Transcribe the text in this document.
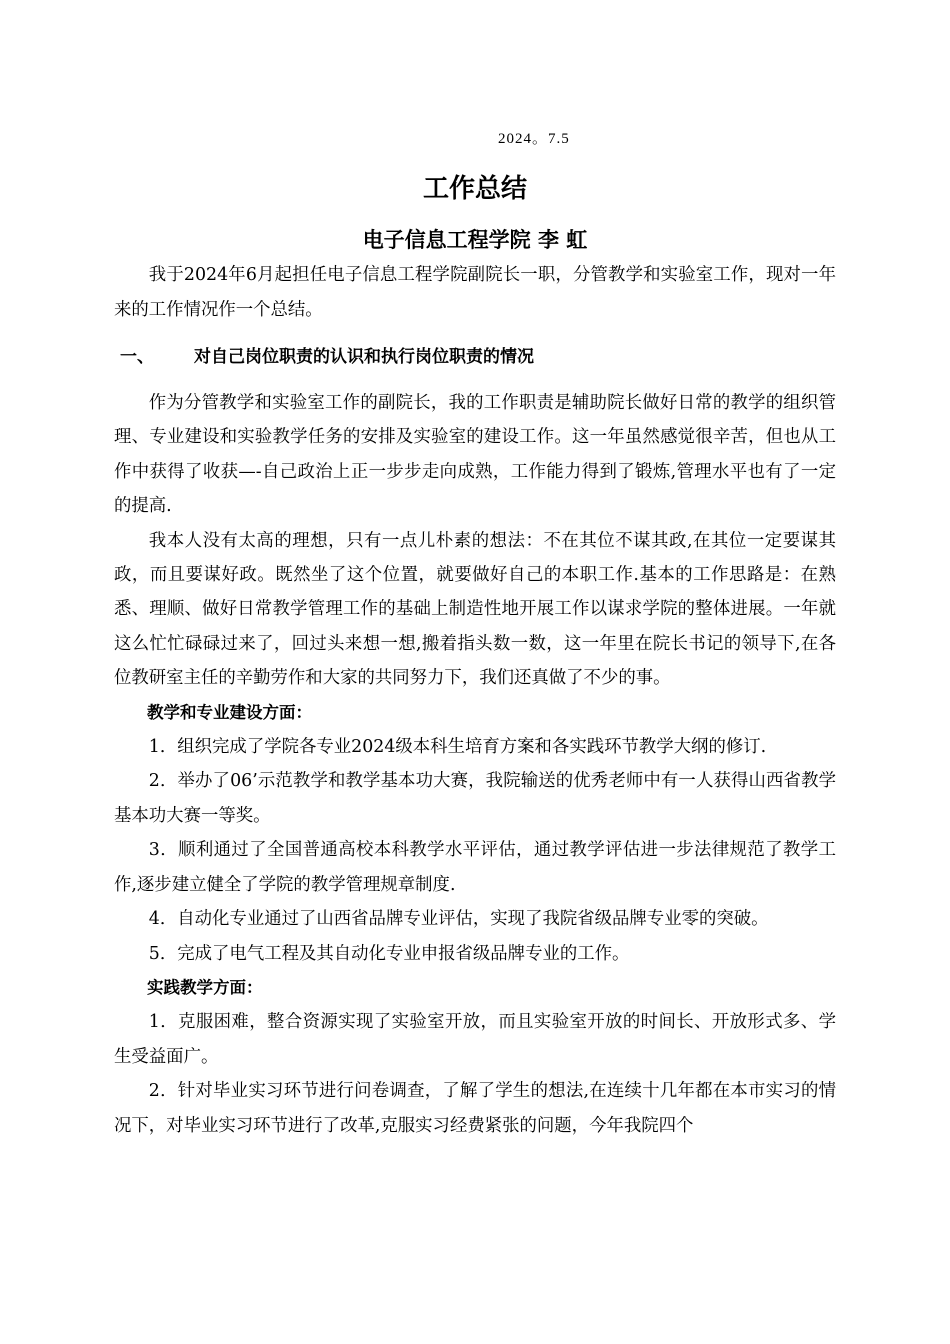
2024。7.5
工作总结
电子信息工程学院 李 虹

我于2024年6月起担任电子信息工程学院副院长一职，分管教学和实验室工作，现对一年来的工作情况作一个总结。

一、 对自己岗位职责的认识和执行岗位职责的情况

作为分管教学和实验室工作的副院长，我的工作职责是辅助院长做好日常的教学的组织管理、专业建设和实验教学任务的安排及实验室的建设工作。这一年虽然感觉很辛苦，但也从工作中获得了收获—-自己政治上正一步步走向成熟，工作能力得到了锻炼,管理水平也有了一定的提高.

我本人没有太高的理想，只有一点儿朴素的想法：不在其位不谋其政,在其位一定要谋其政，而且要谋好政。既然坐了这个位置，就要做好自己的本职工作.基本的工作思路是：在熟悉、理顺、做好日常教学管理工作的基础上制造性地开展工作以谋求学院的整体进展。一年就这么忙忙碌碌过来了，回过头来想一想,搬着指头数一数，这一年里在院长书记的领导下,在各位教研室主任的辛勤劳作和大家的共同努力下，我们还真做了不少的事。

教学和专业建设方面：

1．组织完成了学院各专业2024级本科生培育方案和各实践环节教学大纲的修订.

2．举办了06’示范教学和教学基本功大赛，我院输送的优秀老师中有一人获得山西省教学基本功大赛一等奖。

3．顺利通过了全国普通高校本科教学水平评估，通过教学评估进一步法律规范了教学工作,逐步建立健全了学院的教学管理规章制度.

4．自动化专业通过了山西省品牌专业评估，实现了我院省级品牌专业零的突破。

5．完成了电气工程及其自动化专业申报省级品牌专业的工作。

实践教学方面：

1．克服困难，整合资源实现了实验室开放，而且实验室开放的时间长、开放形式多、学生受益面广。

2．针对毕业实习环节进行问卷调查，了解了学生的想法,在连续十几年都在本市实习的情况下，对毕业实习环节进行了改革,克服实习经费紧张的问题，今年我院四个
